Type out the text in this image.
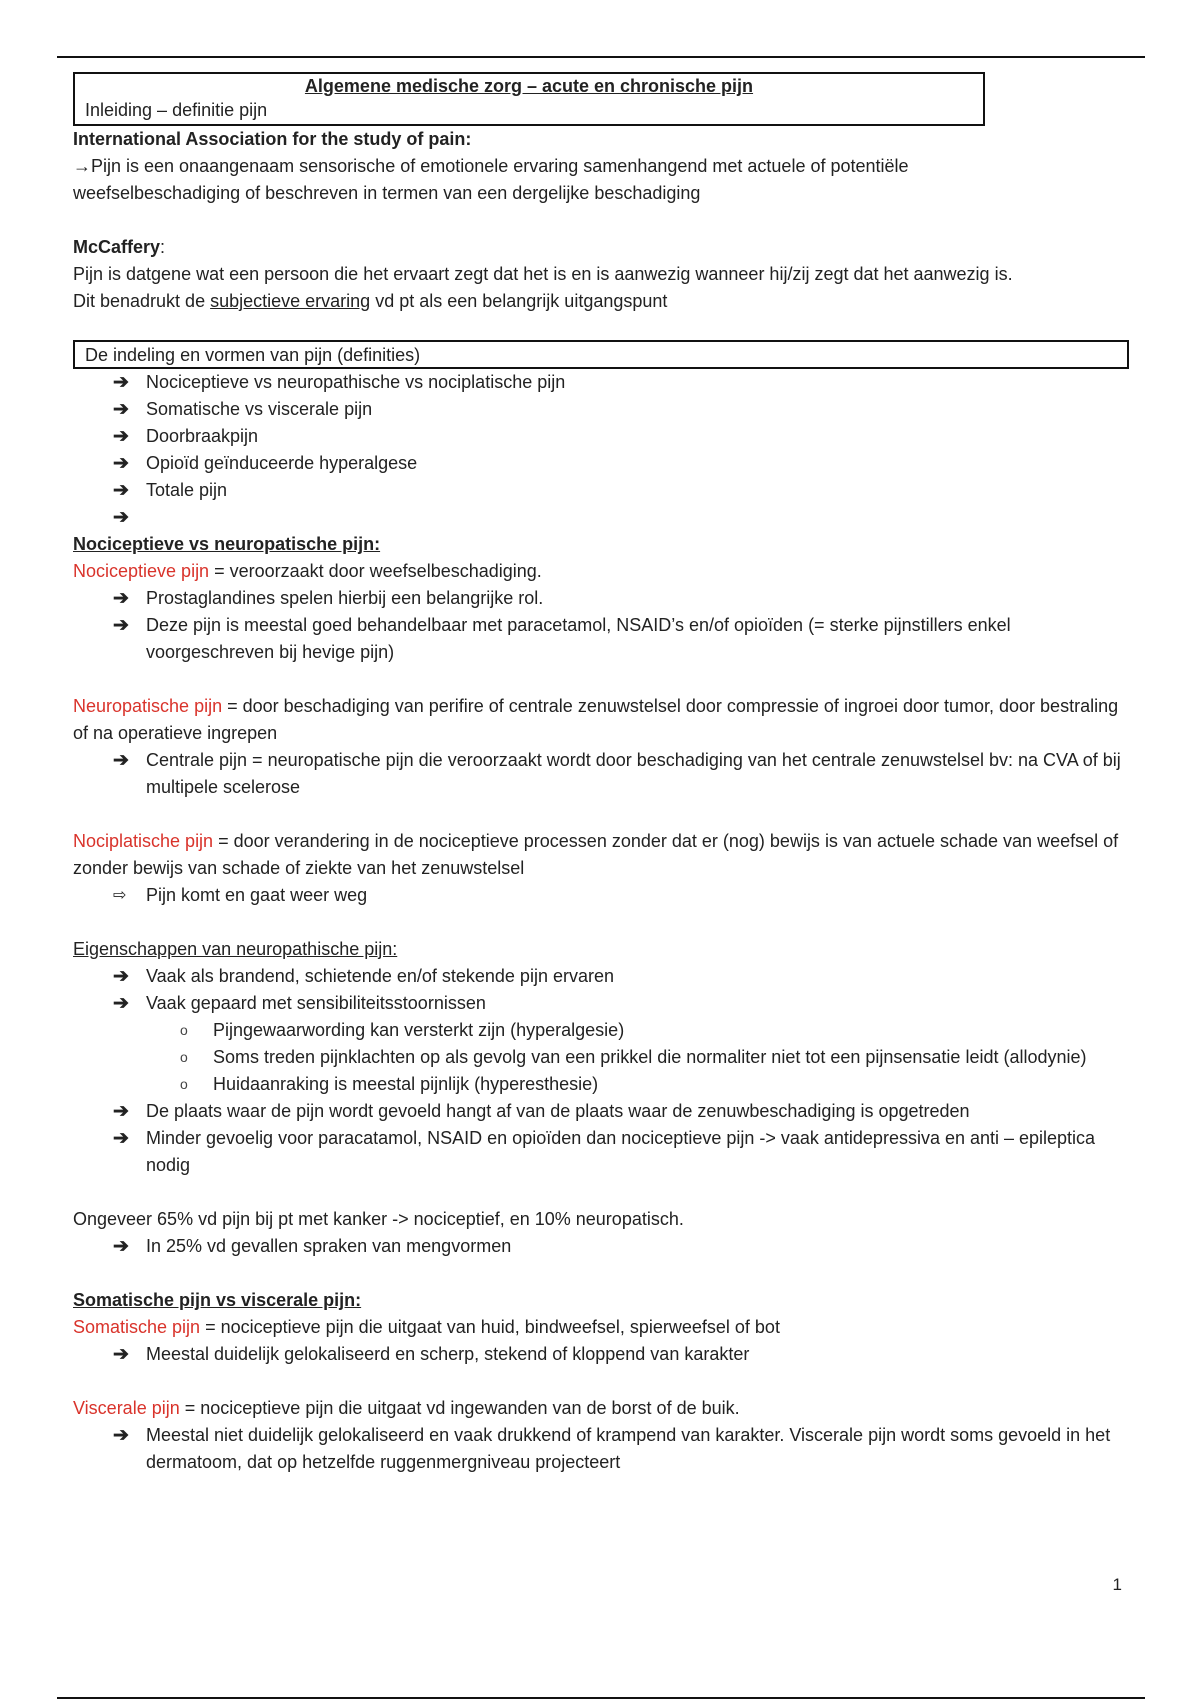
Algemene medische zorg – acute en chronische pijn
Inleiding – definitie pijn
International Association for the study of pain:
→Pijn is een onaangenaam sensorische of emotionele ervaring samenhangend met actuele of potentiële
weefselbeschadiging of beschreven in termen van een dergelijke beschadiging
McCaffery:
Pijn is datgene wat een persoon die het ervaart zegt dat het is en is aanwezig wanneer hij/zij zegt dat het aanwezig is.
Dit benadrukt de subjectieve ervaring vd pt als een belangrijk uitgangspunt
De indeling en vormen van pijn (definities)
➔ Nociceptieve vs neuropathische vs nociplatische pijn
➔ Somatische vs viscerale pijn
➔ Doorbraakpijn
➔ Opioïd geïnduceerde hyperalgese
➔ Totale pijn
➔

Nociceptieve vs neuropatische pijn:
Nociceptieve pijn = veroorzaakt door weefselbeschadiging.
➔ Prostaglandines spelen hierbij een belangrijke rol.
➔ Deze pijn is meestal goed behandelbaar met paracetamol, NSAID’s en/of opioïden (= sterke pijnstillers enkel voorgeschreven bij hevige pijn)
Neuropatische pijn = door beschadiging van perifire of centrale zenuwstelsel door compressie of ingroei door tumor, door bestraling of na operatieve ingrepen
➔ Centrale pijn = neuropatische pijn die veroorzaakt wordt door beschadiging van het centrale zenuwstelsel bv: na CVA of bij multipele scelerose
Nociplatische pijn = door verandering in de nociceptieve processen zonder dat er (nog) bewijs is van actuele schade van weefsel of zonder bewijs van schade of ziekte van het zenuwstelsel
⇨ Pijn komt en gaat weer weg
Eigenschappen van neuropathische pijn:
➔ Vaak als brandend, schietende en/of stekende pijn ervaren
➔ Vaak gepaard met sensibiliteitsstoornissen
o Pijngewaarwording kan versterkt zijn (hyperalgesie)
o Soms treden pijnklachten op als gevolg van een prikkel die normaliter niet tot een pijnsensatie leidt (allodynie)
o Huidaanraking is meestal pijnlijk (hyperesthesie)
➔ De plaats waar de pijn wordt gevoeld hangt af van de plaats waar de zenuwbeschadiging is opgetreden
➔ Minder gevoelig voor paracatamol, NSAID en opioïden dan nociceptieve pijn -> vaak antidepressiva en anti – epileptica nodig
Ongeveer 65% vd pijn bij pt met kanker -> nociceptief, en 10% neuropatisch.
➔ In 25% vd gevallen spraken van mengvormen
Somatische pijn vs viscerale pijn:
Somatische pijn = nociceptieve pijn die uitgaat van huid, bindweefsel, spierweefsel of bot
➔ Meestal duidelijk gelokaliseerd en scherp, stekend of kloppend van karakter
Viscerale pijn = nociceptieve pijn die uitgaat vd ingewanden van de borst of de buik.
➔ Meestal niet duidelijk gelokaliseerd en vaak drukkend of krampend van karakter. Viscerale pijn wordt soms gevoeld in het dermatoom, dat op hetzelfde ruggenmergniveau projecteert
1
